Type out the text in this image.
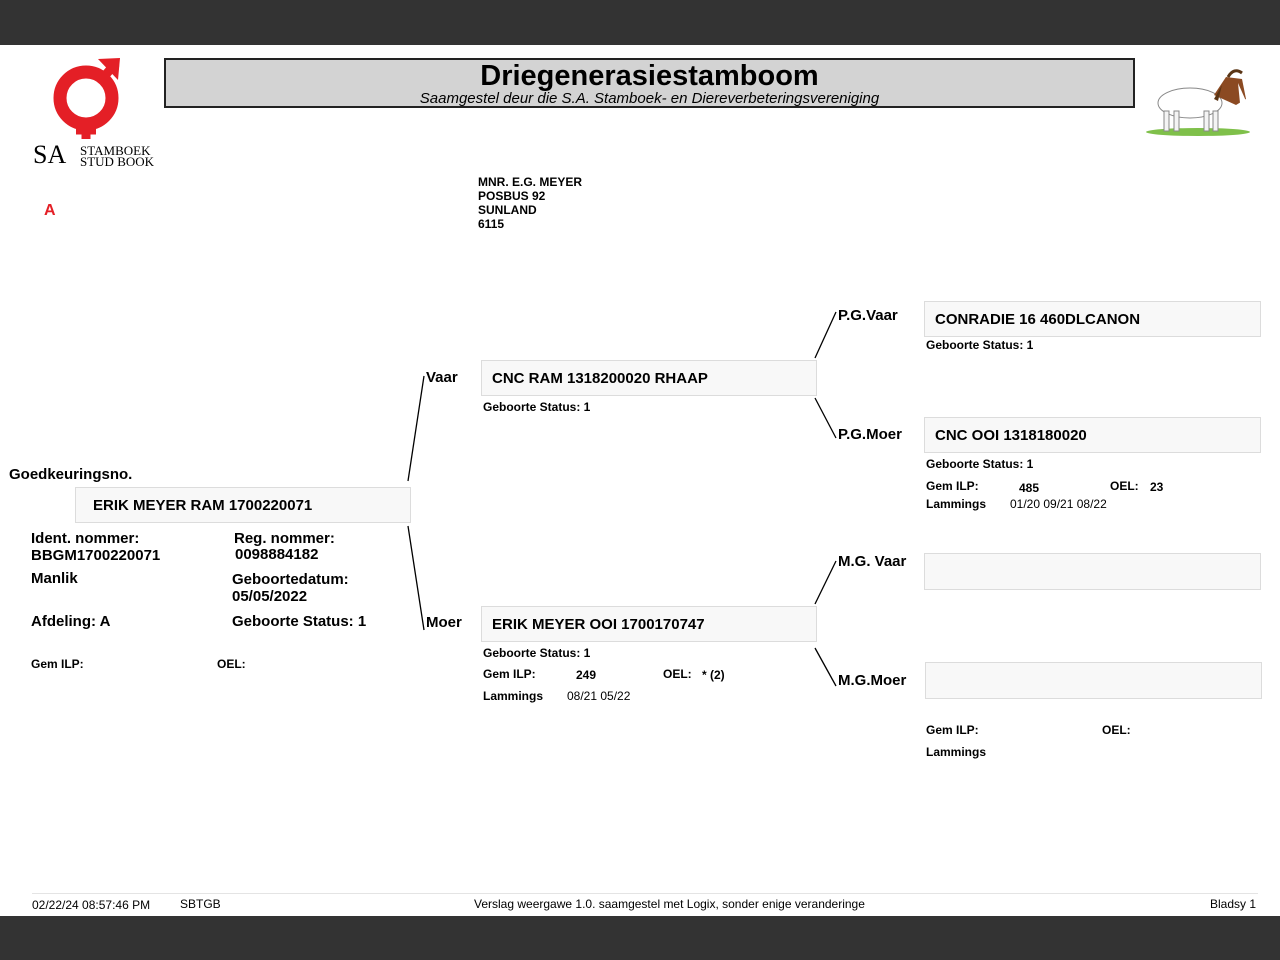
SA STAMBOEK
STUD BOOK
A
Driegenerasiestamboom
Saamgestel deur die S.A. Stamboek- en Diereverbeteringsvereniging
MNR. E.G. MEYER
POSBUS 92
SUNLAND
6115
Goedkeuringsno.
ERIK MEYER RAM 1700220071
Ident. nommer:
BBGM1700220071
Reg. nommer:
0098884182
Manlik	Geboortedatum:
05/05/2022
Afdeling: A	Geboorte Status: 1
Gem ILP:	OEL:
Vaar CNC RAM 1318200020 RHAAP
Geboorte Status: 1
Moer ERIK MEYER OOI 1700170747
Geboorte Status: 1
Gem ILP:	249	OEL: * (2)
Lammings 08/21 05/22
P.G.Vaar CONRADIE 16 460DLCANON
Geboorte Status: 1
P.G.Moer CNC OOI 1318180020
Geboorte Status: 1
Gem ILP:	485	OEL: 23
Lammings 01/20 09/21 08/22
M.G. Vaar
M.G.Moer
Gem ILP:	OEL:
Lammings
02/22/24 08:57:46 PM SBTGB	Verslag weergawe 1.0. saamgestel met Logix, sonder enige veranderinge	Bladsy 1
